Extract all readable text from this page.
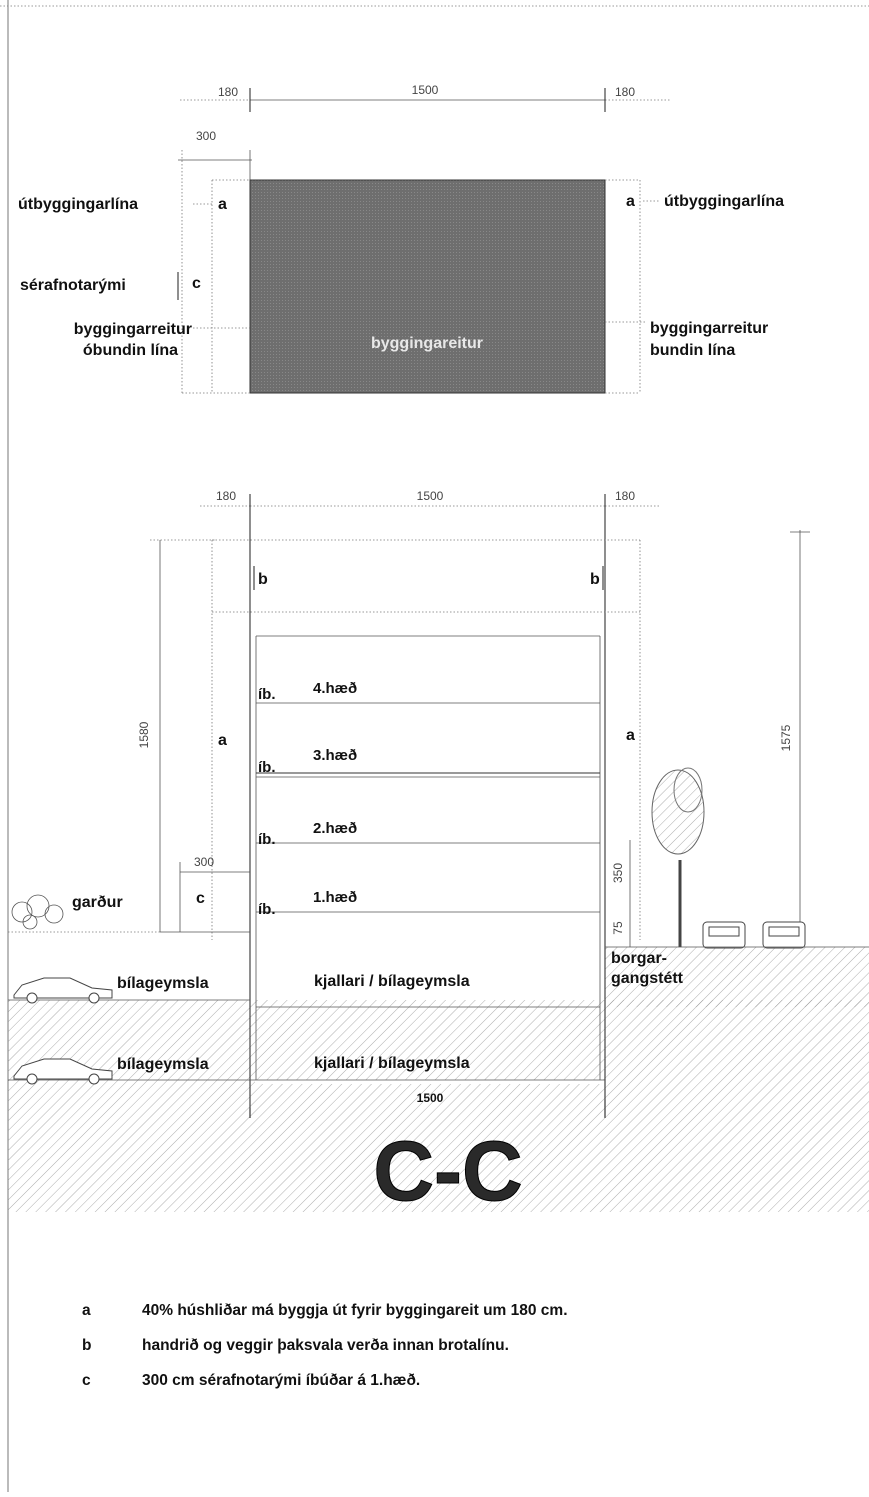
180	1500	180
300
byggingareitur
útbyggingarlína	a
sérafnotarými	c
byggingarreitur
óbundin lína
a útbyggingarlína
byggingarreitur
bundin lína
180	1500	180
1580	1575
b	b
íb.	4.hæð
íb.
3.hæð
íb.
2.hæð
íb.
1.hæð
a	a
300
c
garður
bílageymsla	kjallari / bílageymsla
bílageymsla	kjallari / bílageymsla
borgar-
gangstétt
350
75
1500
C-C
a	40% húshliðar má byggja út fyrir byggingareit um 180 cm.
b	handrið og veggir þaksvala verða innan brotalínu.
c	300 cm sérafnotarými íbúðar á 1.hæð.
